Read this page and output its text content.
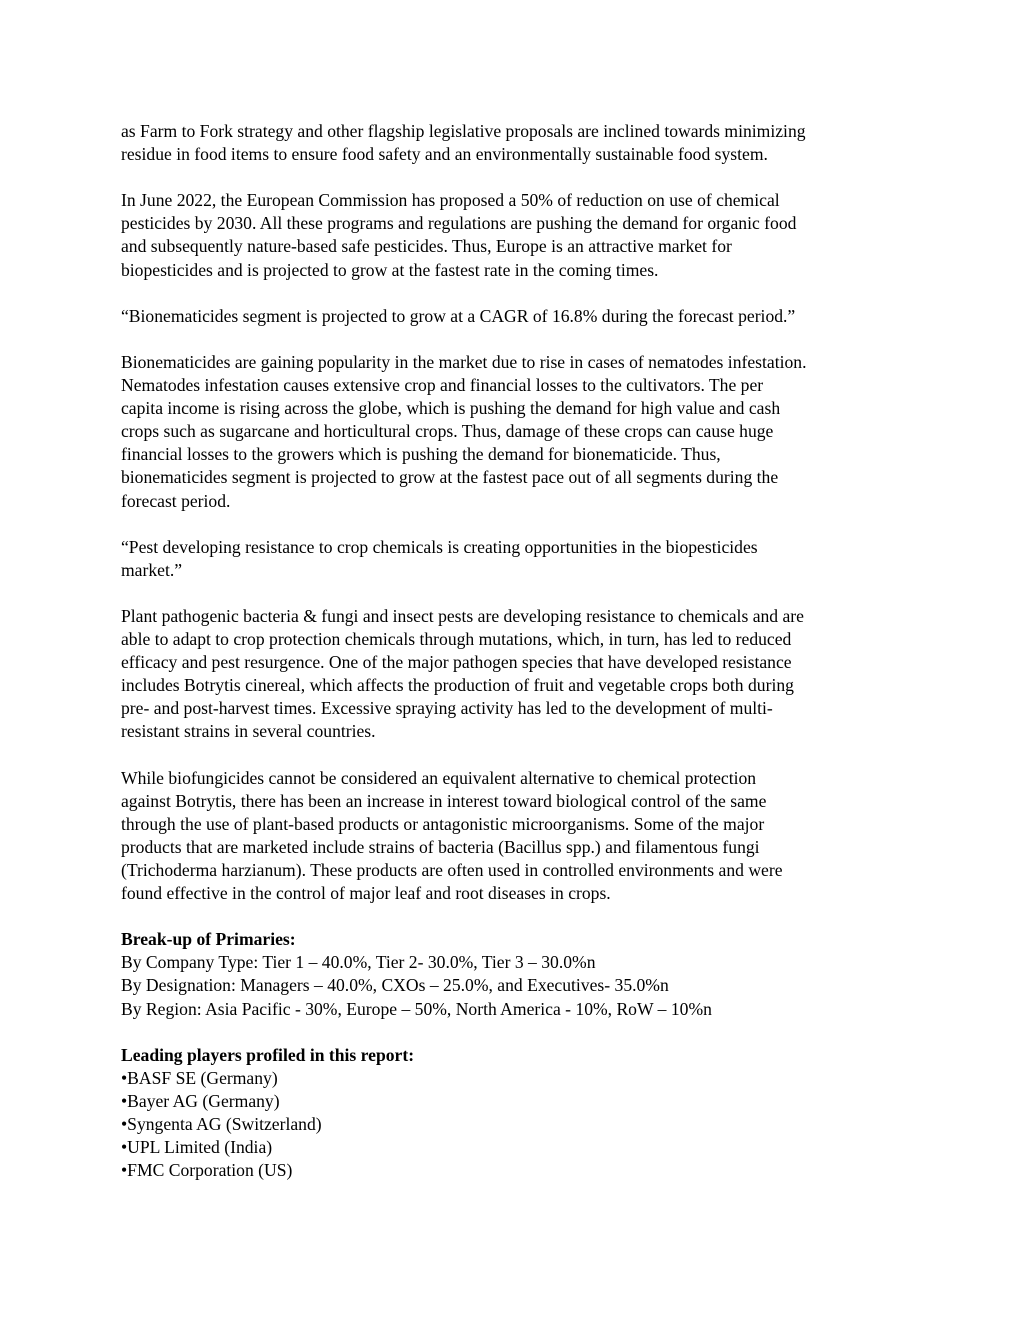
as Farm to Fork strategy and other flagship legislative proposals are inclined towards minimizing
residue in food items to ensure food safety and an environmentally sustainable food system.

In June 2022, the European Commission has proposed a 50% of reduction on use of chemical
pesticides by 2030. All these programs and regulations are pushing the demand for organic food
and subsequently nature-based safe pesticides. Thus, Europe is an attractive market for
biopesticides and is projected to grow at the fastest rate in the coming times.

“Bionematicides segment is projected to grow at a CAGR of 16.8% during the forecast period.”

Bionematicides are gaining popularity in the market due to rise in cases of nematodes infestation.
Nematodes infestation causes extensive crop and financial losses to the cultivators. The per
capita income is rising across the globe, which is pushing the demand for high value and cash
crops such as sugarcane and horticultural crops. Thus, damage of these crops can cause huge
financial losses to the growers which is pushing the demand for bionematicide. Thus,
bionematicides segment is projected to grow at the fastest pace out of all segments during the
forecast period.

“Pest developing resistance to crop chemicals is creating opportunities in the biopesticides
market.”

Plant pathogenic bacteria & fungi and insect pests are developing resistance to chemicals and are
able to adapt to crop protection chemicals through mutations, which, in turn, has led to reduced
efficacy and pest resurgence. One of the major pathogen species that have developed resistance
includes Botrytis cinereal, which affects the production of fruit and vegetable crops both during
pre- and post-harvest times. Excessive spraying activity has led to the development of multi-
resistant strains in several countries.

While biofungicides cannot be considered an equivalent alternative to chemical protection
against Botrytis, there has been an increase in interest toward biological control of the same
through the use of plant-based products or antagonistic microorganisms. Some of the major
products that are marketed include strains of bacteria (Bacillus spp.) and filamentous fungi
(Trichoderma harzianum). These products are often used in controlled environments and were
found effective in the control of major leaf and root diseases in crops.

Break-up of Primaries:
By Company Type: Tier 1 – 40.0%, Tier 2- 30.0%, Tier 3 – 30.0%n
By Designation: Managers – 40.0%, CXOs – 25.0%, and Executives- 35.0%n
By Region: Asia Pacific - 30%, Europe – 50%, North America - 10%, RoW – 10%n
Leading players profiled in this report:
•BASF SE (Germany)
•Bayer AG (Germany)
•Syngenta AG (Switzerland)
•UPL Limited (India)
•FMC Corporation (US)
